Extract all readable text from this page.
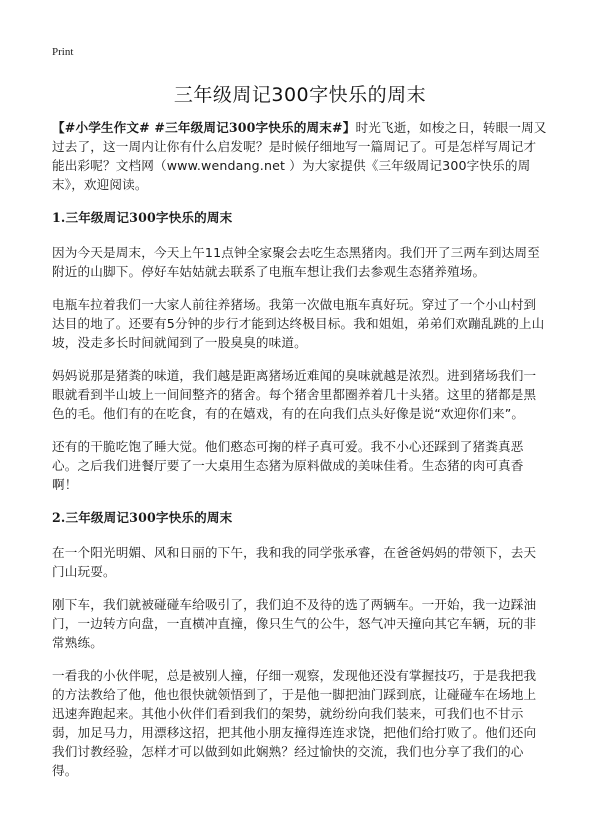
Print
三年级周记300字快乐的周末

【#小学生作文# #三年级周记300字快乐的周末#】时光飞逝，如梭之日，转眼一周又过去了，这一周内让你有什么启发呢？是时候仔细地写一篇周记了。可是怎样写周记才能出彩呢？文档网（www.wendang.net ）为大家提供《三年级周记300字快乐的周末》，欢迎阅读。

1.三年级周记300字快乐的周末

因为今天是周末，今天上午11点钟全家聚会去吃生态黑猪肉。我们开了三两车到达周至附近的山脚下。停好车姑姑就去联系了电瓶车想让我们去参观生态猪养殖场。

电瓶车拉着我们一大家人前往养猪场。我第一次做电瓶车真好玩。穿过了一个小山村到达目的地了。还要有5分钟的步行才能到达终极目标。我和姐姐，弟弟们欢蹦乱跳的上山坡，没走多长时间就闻到了一股臭臭的味道。

妈妈说那是猪粪的味道，我们越是距离猪场近难闻的臭味就越是浓烈。进到猪场我们一眼就看到半山坡上一间间整齐的猪舍。每个猪舍里都圈养着几十头猪。这里的猪都是黑色的毛。他们有的在吃食，有的在嬉戏，有的在向我们点头好像是说“欢迎你们来”。

还有的干脆吃饱了睡大觉。他们憨态可掬的样子真可爱。我不小心还踩到了猪粪真恶心。之后我们进餐厅要了一大桌用生态猪为原料做成的美味佳肴。生态猪的肉可真香啊！

2.三年级周记300字快乐的周末

在一个阳光明媚、风和日丽的下午，我和我的同学张承睿，在爸爸妈妈的带领下，去天门山玩耍。

刚下车，我们就被碰碰车给吸引了，我们迫不及待的选了两辆车。一开始，我一边踩油门，一边转方向盘，一直横冲直撞，像只生气的公牛，怒气冲天撞向其它车辆，玩的非常熟练。

一看我的小伙伴呢，总是被别人撞，仔细一观察，发现他还没有掌握技巧，于是我把我的方法教给了他，他也很快就领悟到了，于是他一脚把油门踩到底，让碰碰车在场地上迅速奔跑起来。其他小伙伴们看到我们的架势，就纷纷向我们装来，可我们也不甘示弱，加足马力，用漂移这招，把其他小朋友撞得连连求饶，把他们给打败了。他们还向我们讨教经验，怎样才可以做到如此娴熟？经过愉快的交流，我们也分享了我们的心得。
